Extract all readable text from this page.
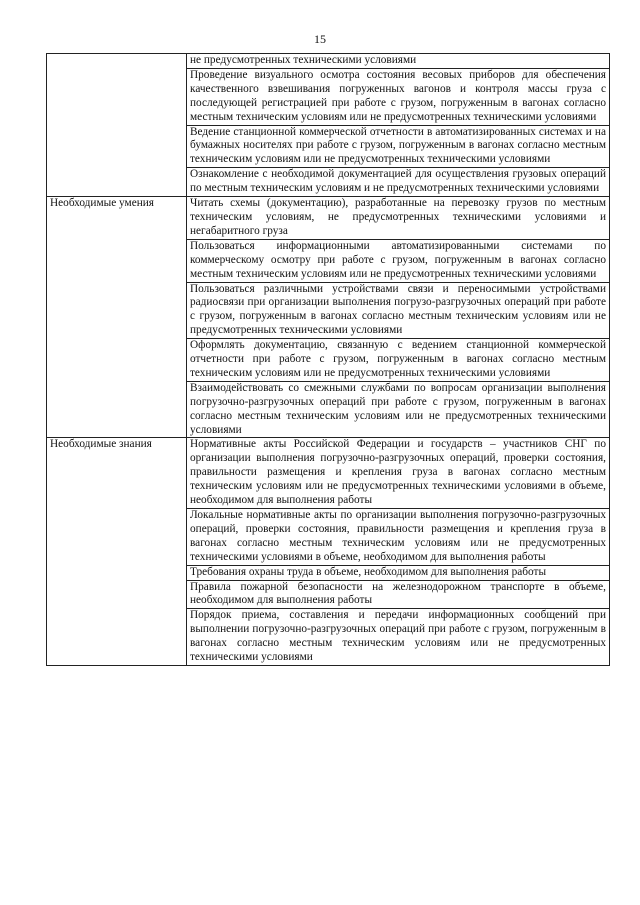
15
	не предусмотренных техническими условиями
	Проведение визуального осмотра состояния весовых приборов для обеспечения качественного взвешивания погруженных вагонов и контроля массы груза с последующей регистрацией при работе с грузом, погруженным в вагонах согласно местным техническим условиям или не предусмотренных техническими условиями
	Ведение станционной коммерческой отчетности в автоматизированных системах и на бумажных носителях при работе с грузом, погруженным в вагонах согласно местным техническим условиям или не предусмотренных техническими условиями
	Ознакомление с необходимой документацией для осуществления грузовых операций по местным техническим условиям и не предусмотренных техническими условиями

Необходимые умения	Читать схемы (документацию), разработанные на перевозку грузов по местным техническим условиям, не предусмотренных техническими условиями и негабаритного груза
	Пользоваться информационными автоматизированными системами по коммерческому осмотру при работе с грузом, погруженным в вагонах согласно местным техническим условиям или не предусмотренных техническими условиями
	Пользоваться различными устройствами связи и переносимыми устройствами радиосвязи при организации выполнения погрузо-разгрузочных операций при работе с грузом, погруженным в вагонах согласно местным техническим условиям или не предусмотренных техническими условиями
	Оформлять документацию, связанную с ведением станционной коммерческой отчетности при работе с грузом, погруженным в вагонах согласно местным техническим условиям или не предусмотренных техническими условиями
	Взаимодействовать со смежными службами по вопросам организации выполнения погрузочно-разгрузочных операций при работе с грузом, погруженным в вагонах согласно местным техническим условиям или не предусмотренных техническими условиями

Необходимые знания	Нормативные акты Российской Федерации и государств – участников СНГ по организации выполнения погрузочно-разгрузочных операций, проверки состояния, правильности размещения и крепления груза в вагонах согласно местным техническим условиям или не предусмотренных техническими условиями в объеме, необходимом для выполнения работы
	Локальные нормативные акты по организации выполнения погрузочно-разгрузочных операций, проверки состояния, правильности размещения и крепления груза в вагонах согласно местным техническим условиям или не предусмотренных техническими условиями в объеме, необходимом для выполнения работы
	Требования охраны труда в объеме, необходимом для выполнения работы
	Правила пожарной безопасности на железнодорожном транспорте в объеме, необходимом для выполнения работы
	Порядок приема, составления и передачи информационных сообщений при выполнении погрузочно-разгрузочных операций при работе с грузом, погруженным в вагонах согласно местным техническим условиям или не предусмотренных техническими условиями
